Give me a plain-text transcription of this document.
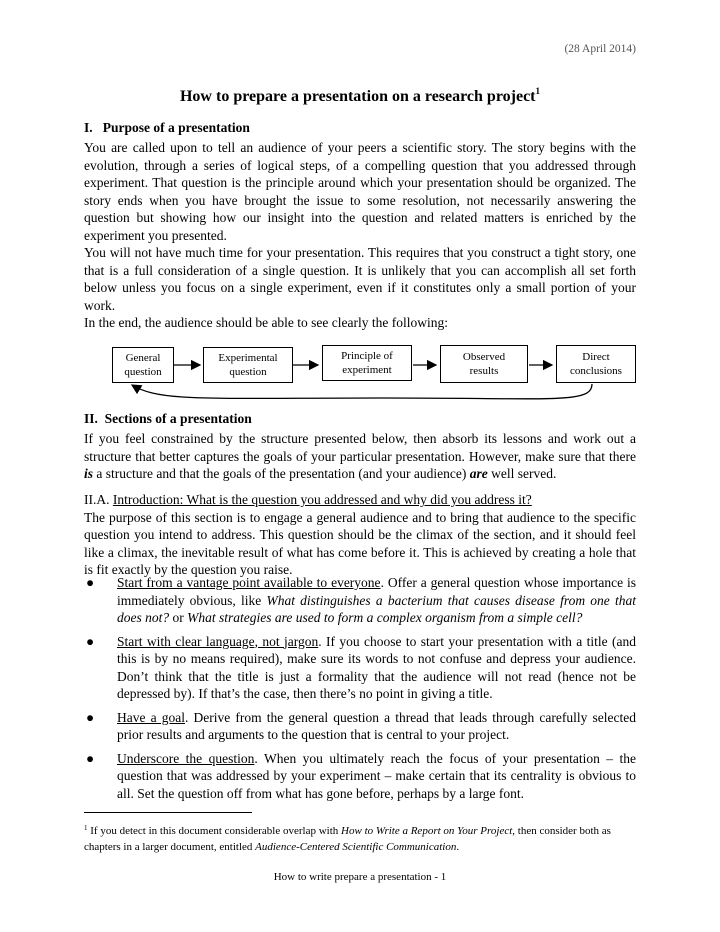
(28 April 2014)
How to prepare a presentation on a research project$^1$
I.   Purpose of a presentation
You are called upon to tell an audience of your peers a scientific story. The story begins with the evolution, through a series of logical steps, of a compelling question that you addressed through experiment. That question is the principle around which your presentation should be organized. The story ends when you have brought the issue to some resolution, not necessarily answering the question but showing how our insight into the question and related matters is enriched by the experiment you presented.
You will not have much time for your presentation. This requires that you construct a tight story, one that is a full consideration of a single question. It is unlikely that you can accomplish all set forth below unless you focus on a single experiment, even if it constitutes only a small portion of your work.
In the end, the audience should be able to see clearly the following:
General
question
Experimental
question
Principle of
experiment
Observed
results
Direct
conclusions
II.  Sections of a presentation
If you feel constrained by the structure presented below, then absorb its lessons and work out a structure that better captures the goals of your particular presentation. However, make sure that there is a structure and that the goals of the presentation (and your audience) are well served.
II.A. Introduction: What is the question you addressed and why did you address it?
The purpose of this section is to engage a general audience and to bring that audience to the specific question you intend to address. This question should be the climax of the section, and it should feel like a climax, the inevitable result of what has come before it. This is achieved by creating a hole that is fit exactly by the question you raise.
● Start from a vantage point available to everyone. Offer a general question whose importance is immediately obvious, like What distinguishes a bacterium that causes disease from one that does not? or What strategies are used to form a complex organism from a simple cell?
● Start with clear language, not jargon. If you choose to start your presentation with a title (and this is by no means required), make sure its words to not confuse and depress your audience. Don’t think that the title is just a formality that the audience will not read (hence not be depressed by). If that’s the case, then there’s no point in giving a title.
● Have a goal. Derive from the general question a thread that leads through carefully selected prior results and arguments to the question that is central to your project.
● Underscore the question. When you ultimately reach the focus of your presentation – the question that was addressed by your experiment – make certain that its centrality is obvious to all. Set the question off from what has gone before, perhaps by a large font.
$^1$ If you detect in this document considerable overlap with How to Write a Report on Your Project, then consider both as chapters in a larger document, entitled Audience-Centered Scientific Communication.
How to write prepare a presentation - 1
